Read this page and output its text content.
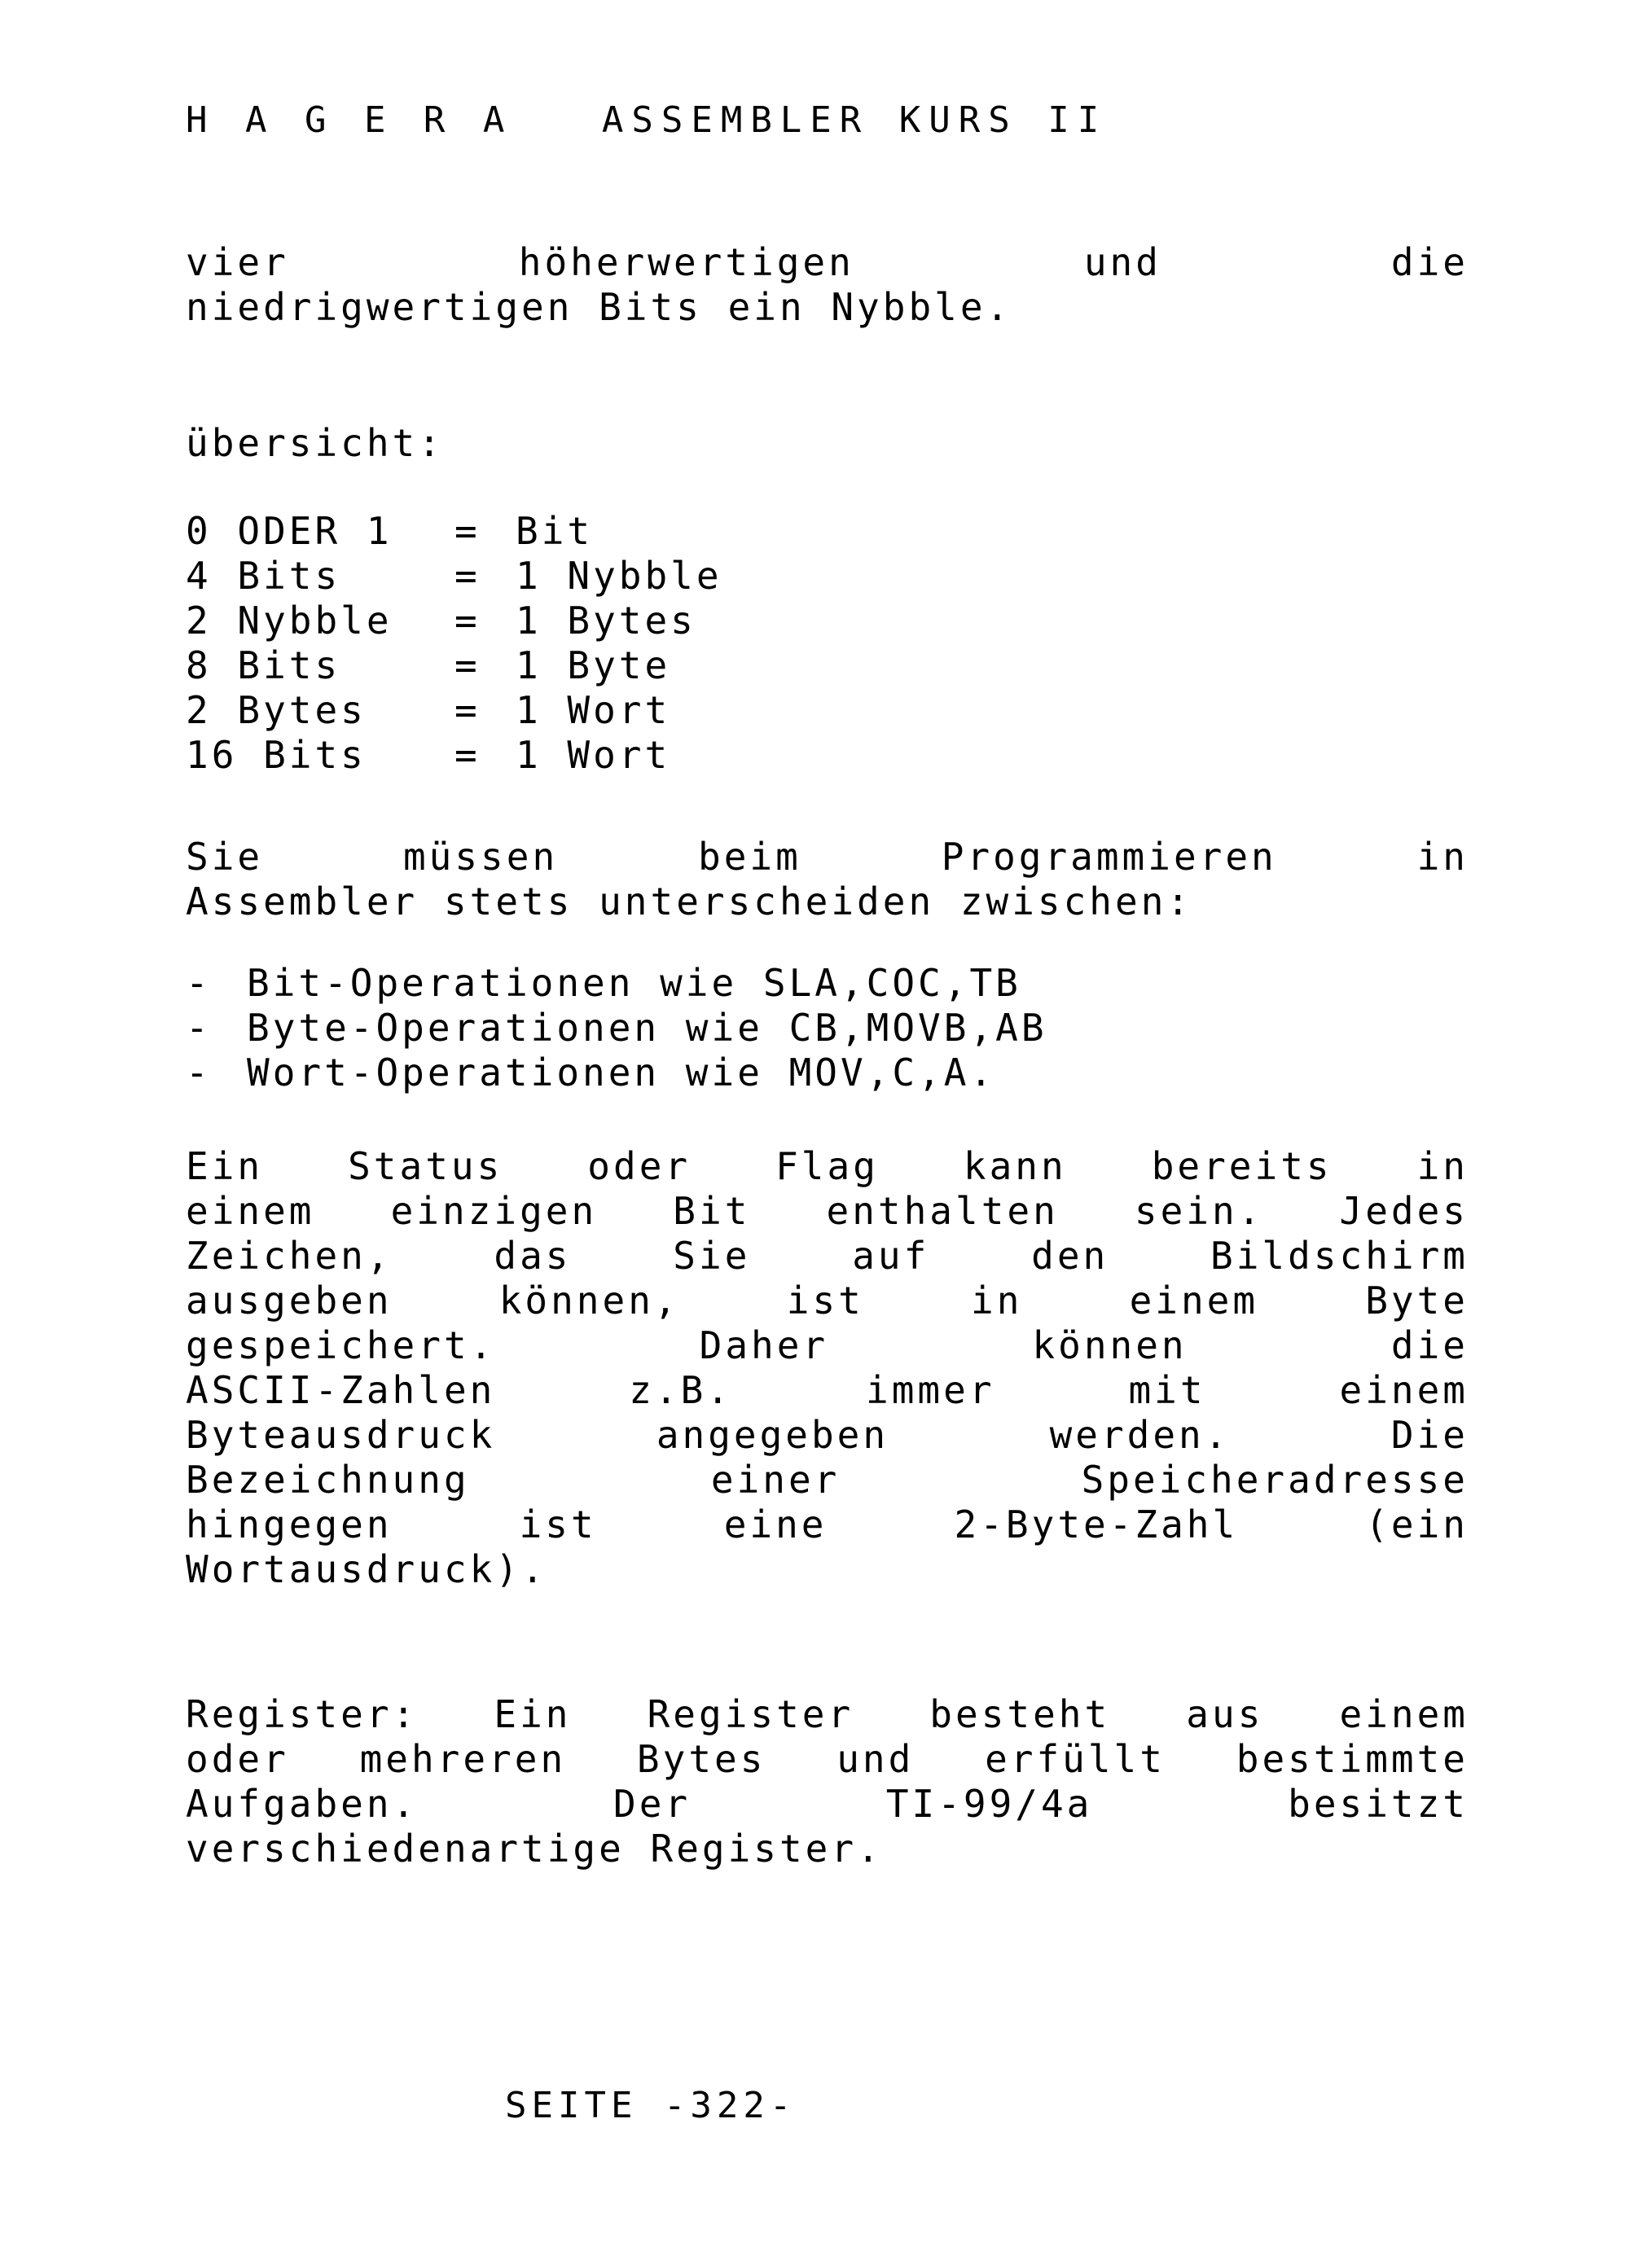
H A G E R A   ASSEMBLER KURS II
vier höherwertigen und die
niedrigwertigen Bits ein Nybble.
übersicht:
0 ODER 1 = Bit
4 Bits	= 1 Nybble
2 Nybble = 1 Bytes
8 Bits	= 1 Byte
2 Bytes = 1 Wort
16 Bits = 1 Wort
Sie müssen beim Programmieren in
Assembler stets unterscheiden zwischen:
- Bit-Operationen wie SLA,COC,TB
- Byte-Operationen wie CB,MOVB,AB
- Wort-Operationen wie MOV,C,A.
Ein Status oder Flag kann bereits in
einem einzigen Bit enthalten sein. Jedes
Zeichen, das Sie auf den Bildschirm
ausgeben können, ist in einem Byte
gespeichert. Daher können die
ASCII-Zahlen z.B. immer mit einem
Byteausdruck angegeben werden. Die
Bezeichnung einer Speicheradresse
hingegen ist eine 2-Byte-Zahl (ein
Wortausdruck).
Register: Ein Register besteht aus einem
oder mehreren Bytes und erfüllt bestimmte
Aufgaben. Der TI-99/4a besitzt
verschiedenartige Register.
SEITE -322-
